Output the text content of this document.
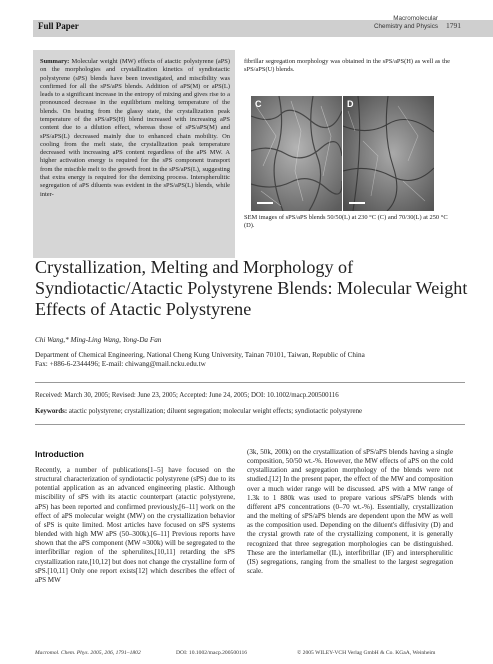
Full Paper
Macromolecular
Chemistry and Physics 1791
Summary: Molecular weight (MW) effects of atactic polystyrene (aPS) on the morphologies and crystallization kinetics of syndiotactic polystyrene (sPS) blends have been investigated, and miscibility was confirmed for all the sPS/aPS blends. Addition of aPS(M) or aPS(L) leads to a significant increase in the entropy of mixing and gives rise to a pronounced decrease in the equilibrium melting temperature of the blends. On heating from the glassy state, the crystallization peak temperature of the sPS/aPS(H) blend increased with increasing aPS content due to a dilution effect, whereas those of sPS/aPS(M) and sPS/aPS(L) decreased mainly due to enhanced chain mobility. On cooling from the melt state, the crystallization peak temperature decreased with increasing aPS content regardless of the aPS MW. A higher activation energy is required for the sPS component transport from the miscible melt to the growth front in the sPS/aPS(L), suggesting that extra energy is required for the demixing process. Interspherulitic segregation of aPS diluents was evident in the sPS/aPS(L) blends, while inter-
fibrillar segregation morphology was obtained in the sPS/aPS(H) as well as the sPS/aPS(U) blends.
C	D
SEM images of sPS/aPS blends 50/50(L) at 230 °C (C) and 70/30(L) at 250 °C (D).
Crystallization, Melting and Morphology of Syndiotactic/Atactic Polystyrene Blends: Molecular Weight Effects of Atactic Polystyrene
Chi Wang,* Ming-Ling Wang, Yong-Da Fan
Department of Chemical Engineering, National Cheng Kung University, Tainan 70101, Taiwan, Republic of China
Fax: +886-6-2344496; E-mail: chiwang@mail.ncku.edu.tw
Received: March 30, 2005; Revised: June 23, 2005; Accepted: June 24, 2005; DOI: 10.1002/macp.200500116
Keywords: atactic polystyrene; crystallization; diluent segregation; molecular weight effects; syndiotactic polystyrene
Introduction
Recently, a number of publications[1–5] have focused on the structural characterization of syndiotactic polystyrene (sPS) due to its potential application as an advanced engineering plastic. Although miscibility of sPS with its atactic counterpart (atactic polystyrene, aPS) has been reported and confirmed previously,[6–11] work on the effect of aPS molecular weight (MW) on the crystallization behavior of sPS is quite limited. Most articles have focused on sPS systems blended with high MW aPS (50–300k).[6–11] Previous reports have shown that the aPS component (MW ≈300k) will be segregated to the interfibrillar region of the spherulites,[10,11] retarding the sPS crystallization rate,[10,12] but does not change the crystalline form of sPS.[10,11] Only one report exists[12] which describes the effect of aPS MW
(3k, 50k, 200k) on the crystallization of sPS/aPS blends having a single composition, 50/50 wt.-%. However, the MW effects of aPS on the cold crystallization and segregation morphology of the blends were not studied.[12] In the present paper, the effect of the MW and composition over a much wider range will be discussed. aPS with a MW range of 1.3k to 1 880k was used to prepare various sPS/aPS blends with different aPS concentrations (0–70 wt.-%). Essentially, crystallization and the melting of sPS/aPS blends are dependent upon the MW as well as the composition used. Depending on the diluent's diffusivity (D) and the crystal growth rate of the crystallizing component, it is generally recognized that three segregation morphologies can be distinguished. These are the interlamellar (IL), interfibrillar (IF) and interspherulitic (IS) segregations, ranging from the smallest to the largest segregation scale.
Macromol. Chem. Phys. 2005, 206, 1791–1802	DOI: 10.1002/macp.200500116	© 2005 WILEY-VCH Verlag GmbH & Co. KGaA, Weinheim
